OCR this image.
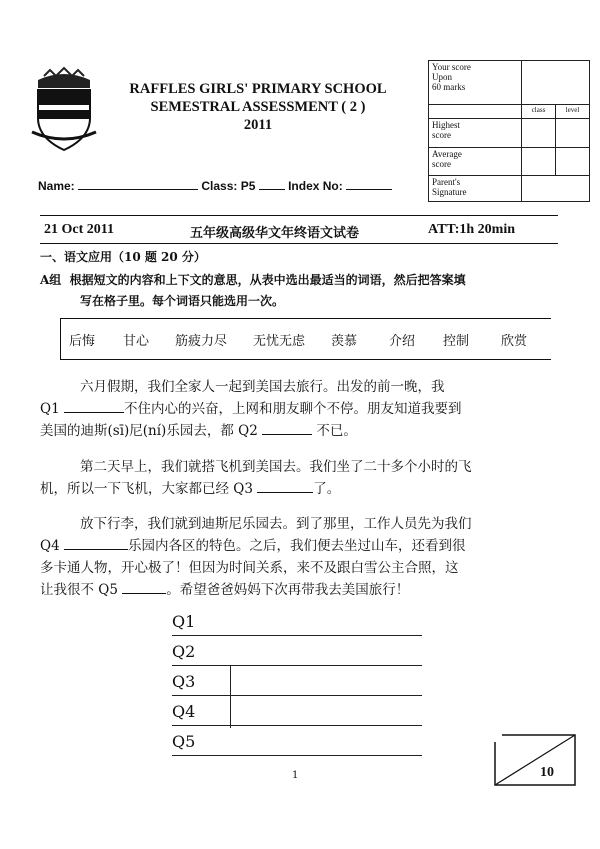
RAFFLES GIRLS' PRIMARY SCHOOL
SEMESTRAL ASSESSMENT ( 2 )
2011
Your score
Upon
60 marks		

	class	level

Highest
score		

Average
score		

Parent's
Signature		

Name:	Class: P5	Index No:
21 Oct 2011	五年级高级华文年终语文试卷	ATT:1h 20min
一、语文应用（10 题 20 分）
A组 根据短文的内容和上下文的意思，从表中选出最适当的词语，然后把答案填
写在格子里。每个词语只能选用一次。
后悔 甘心 筋疲力尽 无忧无虑 羡慕 介绍 控制 欣赏
六月假期，我们全家人一起到美国去旅行。出发的前一晚，我
Q1	不住内心的兴奋，上网和朋友聊个不停。朋友知道我要到
美国的迪斯(sī)尼(ní)乐园去，都 Q2	不已。
第二天早上，我们就搭飞机到美国去。我们坐了二十多个小时的飞
机，所以一下飞机，大家都已经 Q3	了。
放下行李，我们就到迪斯尼乐园去。到了那里，工作人员先为我们
Q4	乐园内各区的特色。之后，我们便去坐过山车，还看到很
多卡通人物，开心极了！但因为时间关系，来不及跟白雪公主合照，这
让我很不 Q5	。希望爸爸妈妈下次再带我去美国旅行！
Q1
Q2
Q3
Q4
Q5
1	10
